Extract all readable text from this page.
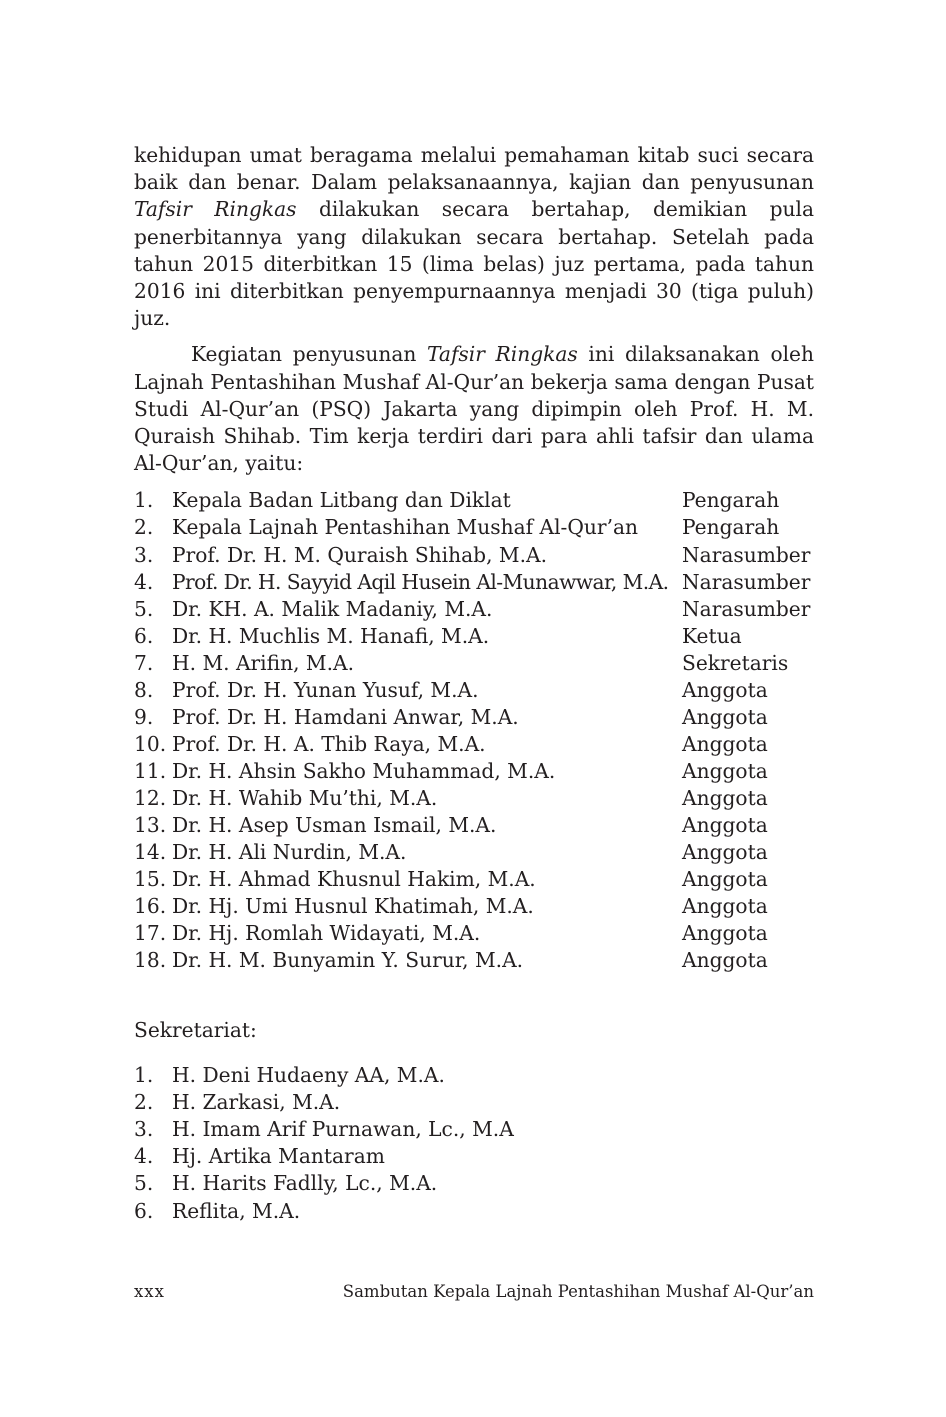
kehidupan umat beragama melalui pemahaman kitab suci secara baik dan benar. Dalam pelaksanaannya, kajian dan penyusunan Tafsir Ringkas dilakukan secara bertahap, demikian pula penerbitannya yang dilakukan secara bertahap. Setelah pada tahun 2015 diterbitkan 15 (lima belas) juz pertama, pada tahun 2016 ini diterbitkan penyempurnaannya menjadi 30 (tiga puluh) juz.

Kegiatan penyusunan Tafsir Ringkas ini dilaksanakan oleh Lajnah Pentashihan Mushaf Al-Qur’an bekerja sama dengan Pusat Studi Al-Qur’an (PSQ) Jakarta yang dipimpin oleh Prof. H. M. Quraish Shihab. Tim kerja terdiri dari para ahli tafsir dan ulama Al-Qur’an, yaitu:

1. Kepala Badan Litbang dan Diklat	Pengarah
2. Kepala Lajnah Pentashihan Mushaf Al-Qur’an	Pengarah
3. Prof. Dr. H. M. Quraish Shihab, M.A.	Narasumber
4. Prof. Dr. H. Sayyid Aqil Husein Al-Munawwar, M.A. Narasumber
5. Dr. KH. A. Malik Madaniy, M.A.	Narasumber
6. Dr. H. Muchlis M. Hanafi, M.A.	Ketua
7. H. M. Arifin, M.A.	Sekretaris
8. Prof. Dr. H. Yunan Yusuf, M.A.	Anggota
9. Prof. Dr. H. Hamdani Anwar, M.A.	Anggota
10. Prof. Dr. H. A. Thib Raya, M.A.	Anggota
11. Dr. H. Ahsin Sakho Muhammad, M.A.	Anggota
12. Dr. H. Wahib Mu’thi, M.A.	Anggota
13. Dr. H. Asep Usman Ismail, M.A.	Anggota
14. Dr. H. Ali Nurdin, M.A.	Anggota
15. Dr. H. Ahmad Khusnul Hakim, M.A.	Anggota
16. Dr. Hj. Umi Husnul Khatimah, M.A.	Anggota
17. Dr. Hj. Romlah Widayati, M.A.	Anggota
18. Dr. H. M. Bunyamin Y. Surur, M.A.	Anggota
Sekretariat:
1. H. Deni Hudaeny AA, M.A.
2. H. Zarkasi, M.A.
3. H. Imam Arif Purnawan, Lc., M.A
4. Hj. Artika Mantaram
5. H. Harits Fadlly, Lc., M.A.
6. Reflita, M.A.
xxx	Sambutan Kepala Lajnah Pentashihan Mushaf Al-Qur’an
